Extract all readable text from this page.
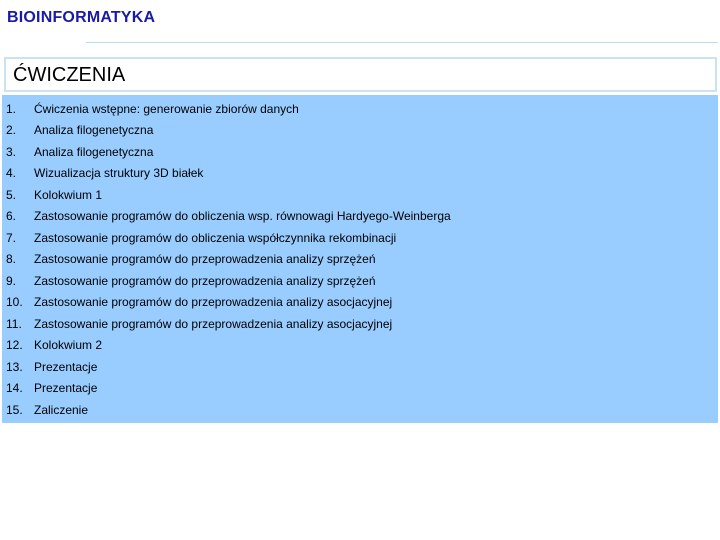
BIOINFORMATYKA
ĆWICZENIA
1.	Ćwiczenia wstępne: generowanie zbiorów danych
2.	Analiza filogenetyczna
3.	Analiza filogenetyczna
4.	Wizualizacja struktury 3D białek
5.	Kolokwium 1
6.	Zastosowanie programów do obliczenia wsp. równowagi Hardyego-Weinberga
7.	Zastosowanie programów do obliczenia współczynnika rekombinacji
8.	Zastosowanie programów do przeprowadzenia analizy sprzężeń
9.	Zastosowanie programów do przeprowadzenia analizy sprzężeń
10. Zastosowanie programów do przeprowadzenia analizy asocjacyjnej
11.	Zastosowanie programów do przeprowadzenia analizy asocjacyjnej
12. Kolokwium 2
13. Prezentacje
14. Prezentacje
15. Zaliczenie
